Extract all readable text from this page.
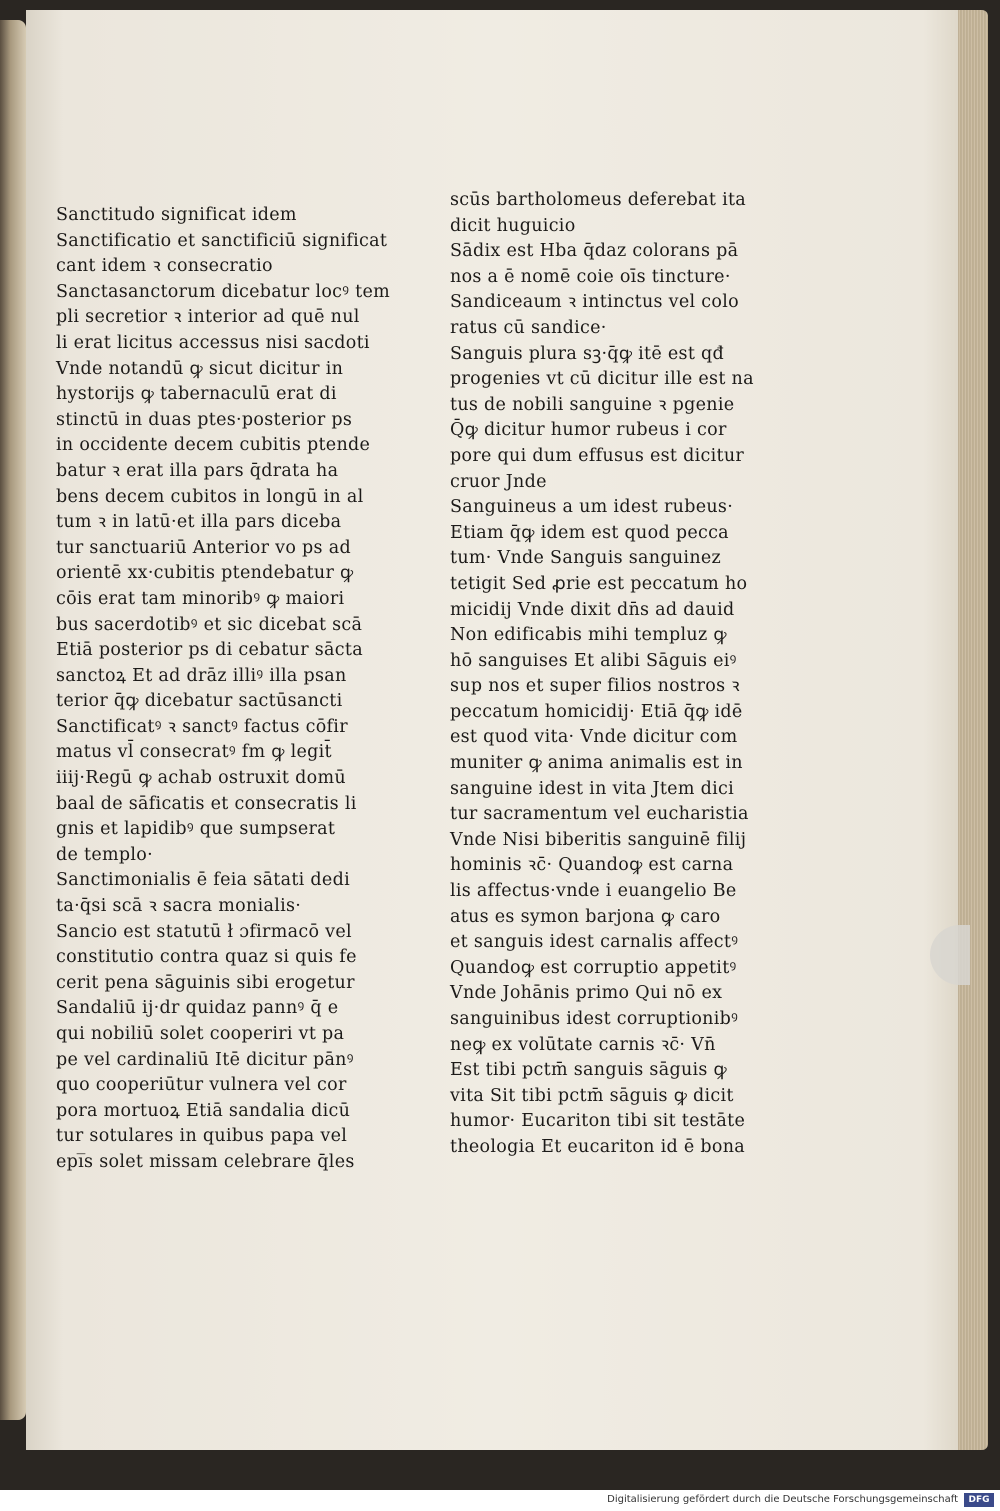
Sanctitudo significat idem
Sanctificatio et sanctificiū significat
cant idem ꝛ consecratio
Sanctasanctorum dicebatur locꝰ tem
pli secretior ꝛ interior ad quē nul
li erat licitus accessus nisi sacdoti
Vnde notandū ꝙ sicut dicitur in
hystorijs ꝙ tabernaculū erat di
stinctū in duas ptes·posterior ps
in occidente decem cubitis ptende
batur ꝛ erat illa pars q̄drata ha
bens decem cubitos in longū in al
tum ꝛ in latū·et illa pars diceba
tur sanctuariū Anterior vo ps ad
orientē xx·cubitis ptendebatur ꝙ
cōis erat tam minoribꝰ ꝙ maiori
bus sacerdotibꝰ et sic dicebat scā
Etiā posterior ps di cebatur sācta
sanctoꝝ Et ad drāz illiꝰ illa psan
terior q̄ꝙ dicebatur sactūsancti
Sanctificatꝰ ꝛ sanctꝰ factus cōfir
matus vl̄ consecratꝰ fm ꝙ legit̄
iiij·Regū ꝙ achab ostruxit domū
baal de sāficatis et consecratis li
gnis et lapidibꝰ que sumpserat
de templo·
Sanctimonialis ē feia sātati dedi
ta·q̄si scā ꝛ sacra monialis·
Sancio est statutū ł ɔfirmacō vel
constitutio contra quaz si quis fe
cerit pena sāguinis sibi erogetur
Sandaliū ij·dr quidaz pannꝰ q̄ e
qui nobiliū solet cooperiri vt pa
pe vel cardinaliū Itē dicitur pānꝰ
quo cooperiūtur vulnera vel cor
pora mortuoꝝ Etiā sandalia dicū
tur sotulares in quibus papa vel
epi̅s solet missam celebrare q̄les
scūs bartholomeus deferebat ita
dicit huguicio
Sādix est Hba q̄daz colorans pā
nos a ē nomē coie oīs tincture·
Sandiceaum ꝛ intinctus vel colo
ratus cū sandice·
Sanguis plura sꝫ·q̄ꝙ itē est qđ
progenies vt cū dicitur ille est na
tus de nobili sanguine ꝛ pgenie
Q̄ꝙ dicitur humor rubeus i cor
pore qui dum effusus est dicitur
cruor Jnde
Sanguineus a um idest rubeus·
Etiam q̄ꝙ idem est quod pecca
tum· Vnde Sanguis sanguinez
tetigit Sed ꝓrie est peccatum ho
micidij Vnde dixit dn̄s ad dauid
Non edificabis mihi templuz ꝙ
hō sanguises Et alibi Sāguis eiꝰ
sup nos et super filios nostros ꝛ
peccatum homicidij· Etiā q̄ꝙ idē
est quod vita· Vnde dicitur com
muniter ꝙ anima animalis est in
sanguine idest in vita Jtem dici
tur sacramentum vel eucharistia
Vnde Nisi biberitis sanguinē filij
hominis ꝛc̄· Quandoꝙ est carna
lis affectus·vnde i euangelio Be
atus es symon barjona ꝙ caro
et sanguis idest carnalis affectꝰ
Quandoꝙ est corruptio appetitꝰ
Vnde Johānis primo Qui nō ex
sanguinibus idest corruptionibꝰ
neꝙ ex volūtate carnis ꝛc̄· Vn̄
Est tibi pctm̄ sanguis sāguis ꝙ
vita Sit tibi pctm̄ sāguis ꝙ dicit
humor· Eucariton tibi sit testāte
theologia Et eucariton id ē bona
Digitalisierung gefördert durch die Deutsche Forschungsgemeinschaft	DFG
